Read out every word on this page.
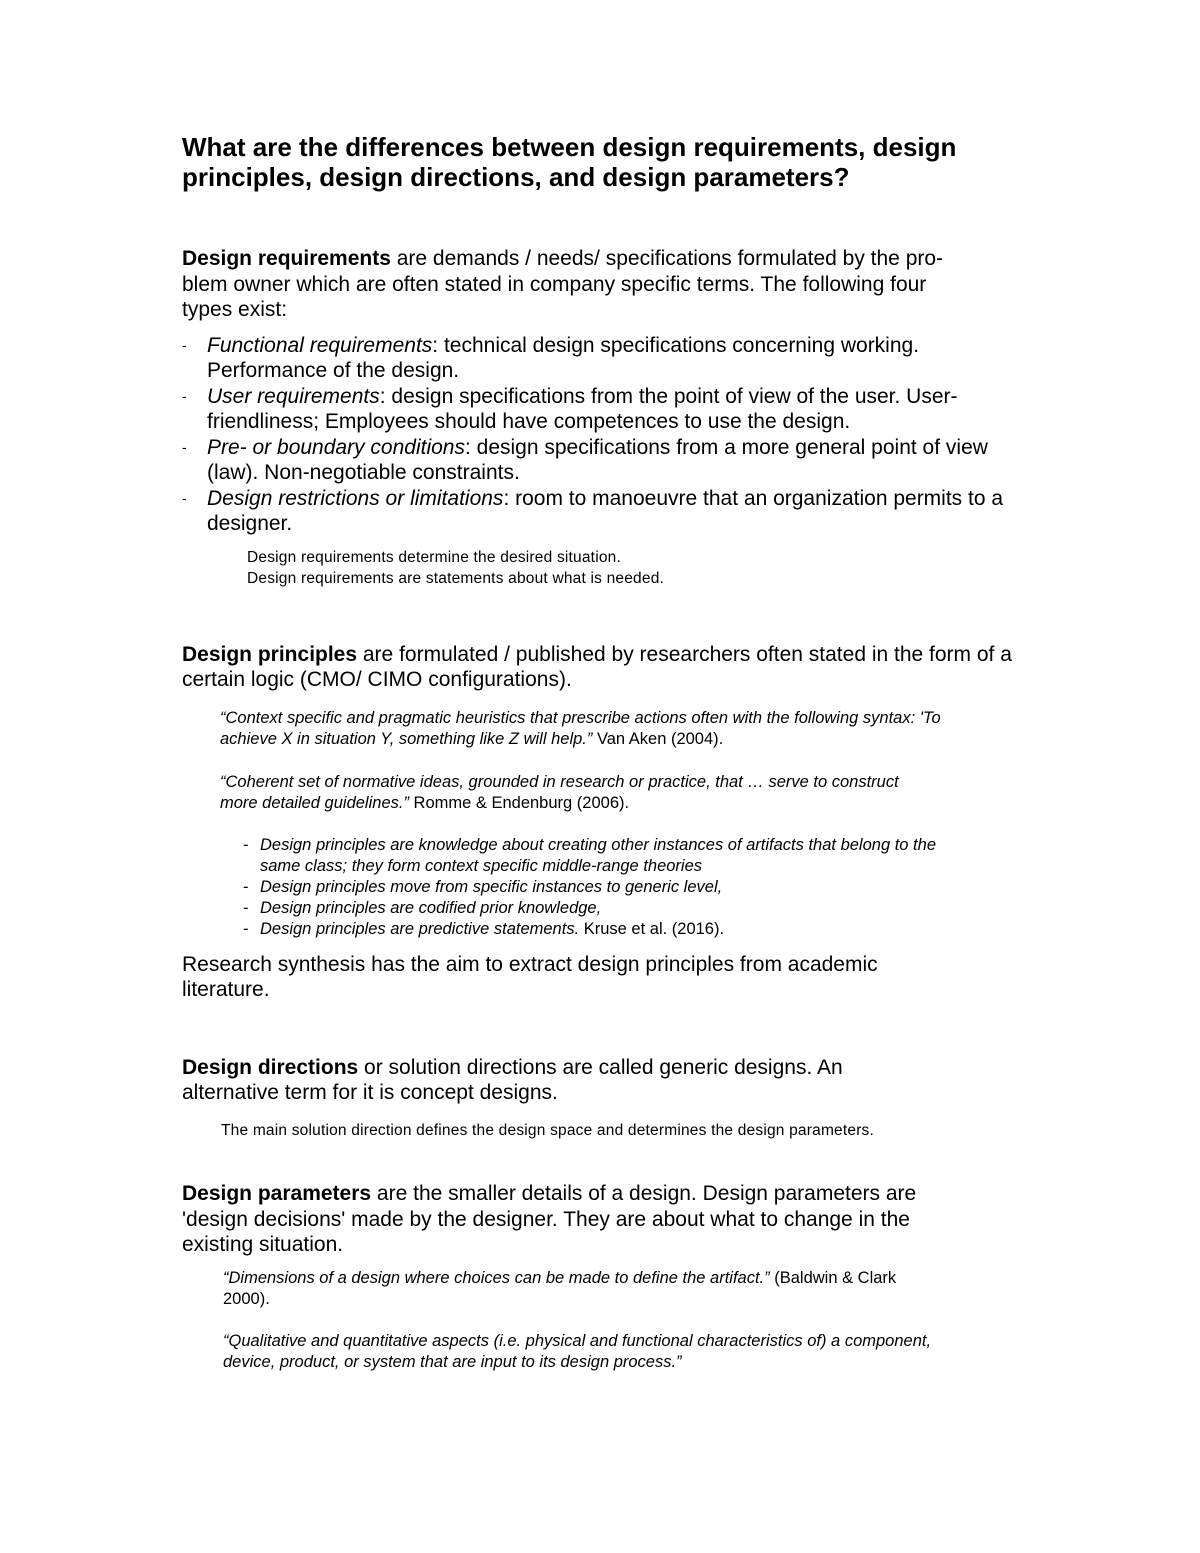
What are the differences between design requirements, design principles, design directions, and design parameters?

Design requirements are demands / needs/ specifications formulated by the pro-blem owner which are often stated in company specific terms. The following four types exist:

- Functional requirements: technical design specifications concerning working. Performance of the design.
- User requirements: design specifications from the point of view of the user. User-friendliness; Employees should have competences to use the design.
- Pre- or boundary conditions: design specifications from a more general point of view (law). Non-negotiable constraints.
- Design restrictions or limitations: room to manoeuvre that an organization permits to a designer.

Design requirements determine the desired situation.

Design requirements are statements about what is needed.

Design principles are formulated / published by researchers often stated in the form of a certain logic (CMO/ CIMO configurations).

“Context specific and pragmatic heuristics that prescribe actions often with the following syntax: 'To achieve X in situation Y, something like Z will help.” Van Aken (2004).

“Coherent set of normative ideas, grounded in research or practice, that … serve to construct more detailed guidelines.” Romme & Endenburg (2006).

- Design principles are knowledge about creating other instances of artifacts that belong to the same class; they form context specific middle-range theories
- Design principles move from specific instances to generic level,
- Design principles are codified prior knowledge,
- Design principles are predictive statements. Kruse et al. (2016).

Research synthesis has the aim to extract design principles from academic literature.

Design directions or solution directions are called generic designs. An alternative term for it is concept designs.

The main solution direction defines the design space and determines the design parameters.

Design parameters are the smaller details of a design. Design parameters are 'design decisions' made by the designer. They are about what to change in the existing situation.

“Dimensions of a design where choices can be made to define the artifact.” (Baldwin & Clark 2000).

“Qualitative and quantitative aspects (i.e. physical and functional characteristics of) a component, device, product, or system that are input to its design process.”
